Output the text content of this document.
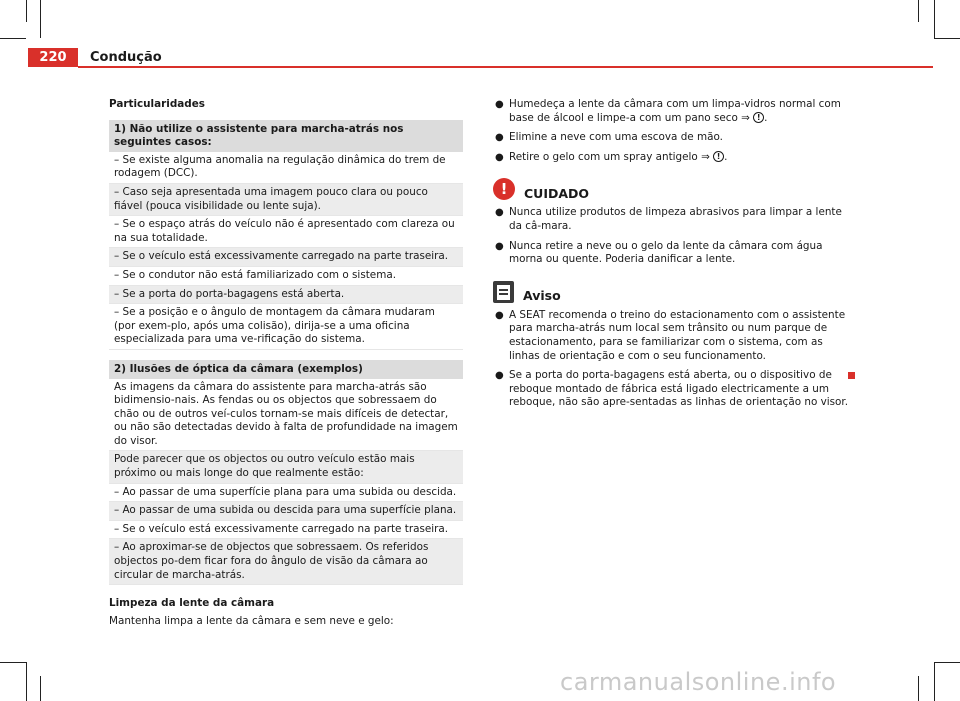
220	Condução
Particularidades
1) Não utilize o assistente para marcha-atrás nos seguintes casos:
– Se existe alguma anomalia na regulação dinâmica do trem de rodagem (DCC).
– Caso seja apresentada uma imagem pouco clara ou pouco fiável (pouca visibilidade ou lente suja).
– Se o espaço atrás do veículo não é apresentado com clareza ou na sua totalidade.
– Se o veículo está excessivamente carregado na parte traseira.
– Se o condutor não está familiarizado com o sistema.
– Se a porta do porta-bagagens está aberta.
– Se a posição e o ângulo de montagem da câmara mudaram (por exem-plo, após uma colisão), dirija-se a uma oficina especializada para uma ve-rificação do sistema.
2) Ilusões de óptica da câmara (exemplos)
As imagens da câmara do assistente para marcha-atrás são bidimensio-nais. As fendas ou os objectos que sobressaem do chão ou de outros veí-culos tornam-se mais difíceis de detectar, ou não são detectadas devido à falta de profundidade na imagem do visor.
Pode parecer que os objectos ou outro veículo estão mais próximo ou mais longe do que realmente estão:
– Ao passar de uma superfície plana para uma subida ou descida.
– Ao passar de uma subida ou descida para uma superfície plana.
– Se o veículo está excessivamente carregado na parte traseira.
– Ao aproximar-se de objectos que sobressaem. Os referidos objectos po-dem ficar fora do ângulo de visão da câmara ao circular de marcha-atrás.
Limpeza da lente da câmara
Mantenha limpa a lente da câmara e sem neve e gelo:
● Humedeça a lente da câmara com um limpa-vidros normal com base de álcool e limpe-a com um pano seco ⇒ ! .
● Elimine a neve com uma escova de mão.
● Retire o gelo com um spray antigelo ⇒ ! .
!	CUIDADO
● Nunca utilize produtos de limpeza abrasivos para limpar a lente da câ-mara.
● Nunca retire a neve ou o gelo da lente da câmara com água morna ou quente. Poderia danificar a lente.
Aviso
● A SEAT recomenda o treino do estacionamento com o assistente para marcha-atrás num local sem trânsito ou num parque de estacionamento, para se familiarizar com o sistema, com as linhas de orientação e com o seu funcionamento.
● Se a porta do porta-bagagens está aberta, ou o dispositivo de reboque montado de fábrica está ligado electricamente a um reboque, não são apre-sentadas as linhas de orientação no visor.
carmanualsonline.info
